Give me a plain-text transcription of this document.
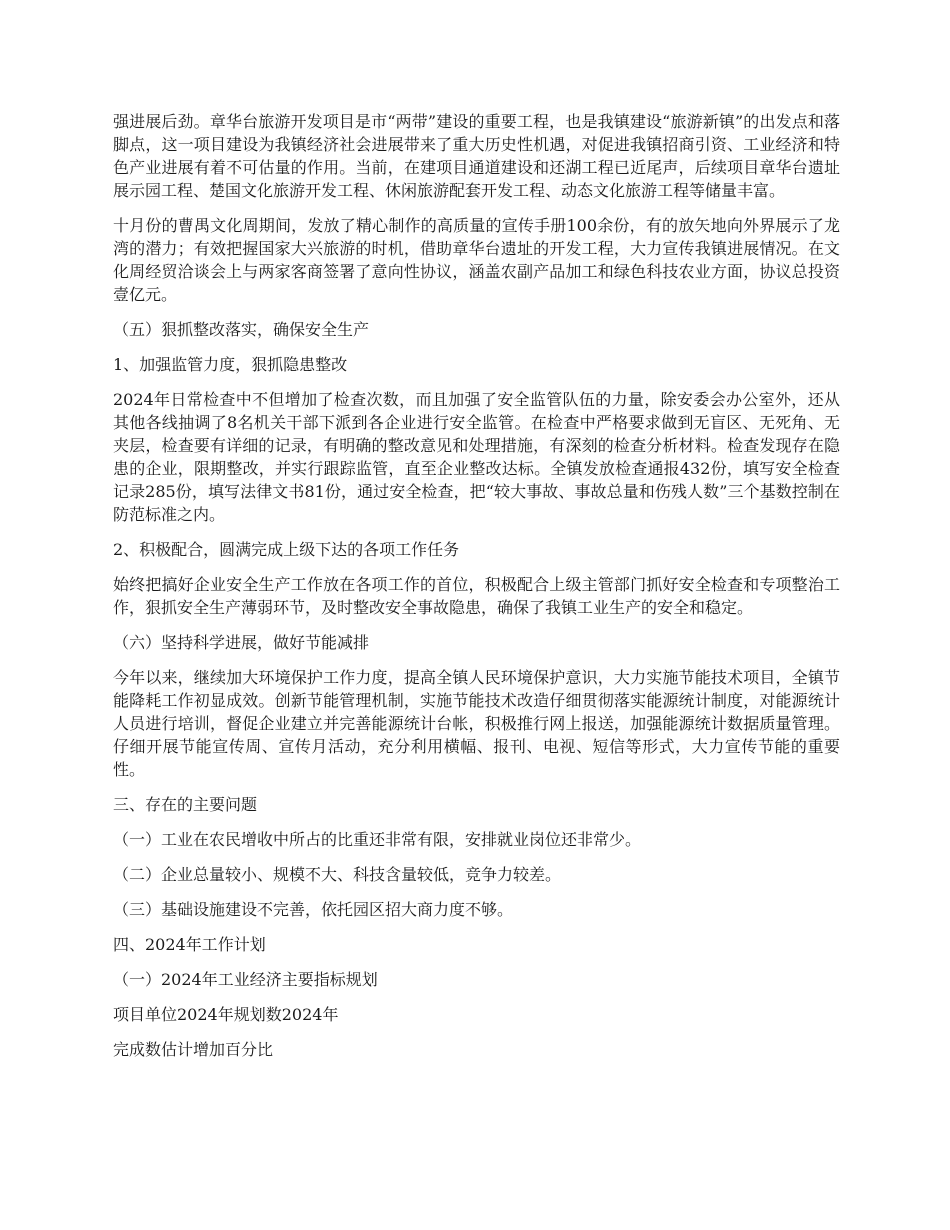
强进展后劲。章华台旅游开发项目是市“两带”建设的重要工程，也是我镇建设“旅游新镇”的出发点和落脚点，这一项目建设为我镇经济社会进展带来了重大历史性机遇，对促进我镇招商引资、工业经济和特色产业进展有着不可估量的作用。当前，在建项目通道建设和还湖工程已近尾声，后续项目章华台遗址展示园工程、楚国文化旅游开发工程、休闲旅游配套开发工程、动态文化旅游工程等储量丰富。

十月份的曹禺文化周期间，发放了精心制作的高质量的宣传手册100余份，有的放矢地向外界展示了龙湾的潜力；有效把握国家大兴旅游的时机，借助章华台遗址的开发工程，大力宣传我镇进展情况。在文化周经贸洽谈会上与两家客商签署了意向性协议，涵盖农副产品加工和绿色科技农业方面，协议总投资壹亿元。

（五）狠抓整改落实，确保安全生产

1、加强监管力度，狠抓隐患整改

2024年日常检查中不但增加了检查次数，而且加强了安全监管队伍的力量，除安委会办公室外，还从其他各线抽调了8名机关干部下派到各企业进行安全监管。在检查中严格要求做到无盲区、无死角、无夹层，检查要有详细的记录，有明确的整改意见和处理措施，有深刻的检查分析材料。检查发现存在隐患的企业，限期整改，并实行跟踪监管，直至企业整改达标。全镇发放检查通报432份，填写安全检查记录285份，填写法律文书81份，通过安全检查，把“较大事故、事故总量和伤残人数”三个基数控制在防范标准之内。

2、积极配合，圆满完成上级下达的各项工作任务

始终把搞好企业安全生产工作放在各项工作的首位，积极配合上级主管部门抓好安全检查和专项整治工作，狠抓安全生产薄弱环节，及时整改安全事故隐患，确保了我镇工业生产的安全和稳定。

（六）坚持科学进展，做好节能减排

今年以来，继续加大环境保护工作力度，提高全镇人民环境保护意识，大力实施节能技术项目，全镇节能降耗工作初显成效。创新节能管理机制，实施节能技术改造仔细贯彻落实能源统计制度，对能源统计人员进行培训，督促企业建立并完善能源统计台帐，积极推行网上报送，加强能源统计数据质量管理。仔细开展节能宣传周、宣传月活动，充分利用横幅、报刊、电视、短信等形式，大力宣传节能的重要性。

三、存在的主要问题

（一）工业在农民增收中所占的比重还非常有限，安排就业岗位还非常少。

（二）企业总量较小、规模不大、科技含量较低，竞争力较差。

（三）基础设施建设不完善，依托园区招大商力度不够。

四、2024年工作计划

（一）2024年工业经济主要指标规划

项目单位2024年规划数2024年

完成数估计增加百分比
